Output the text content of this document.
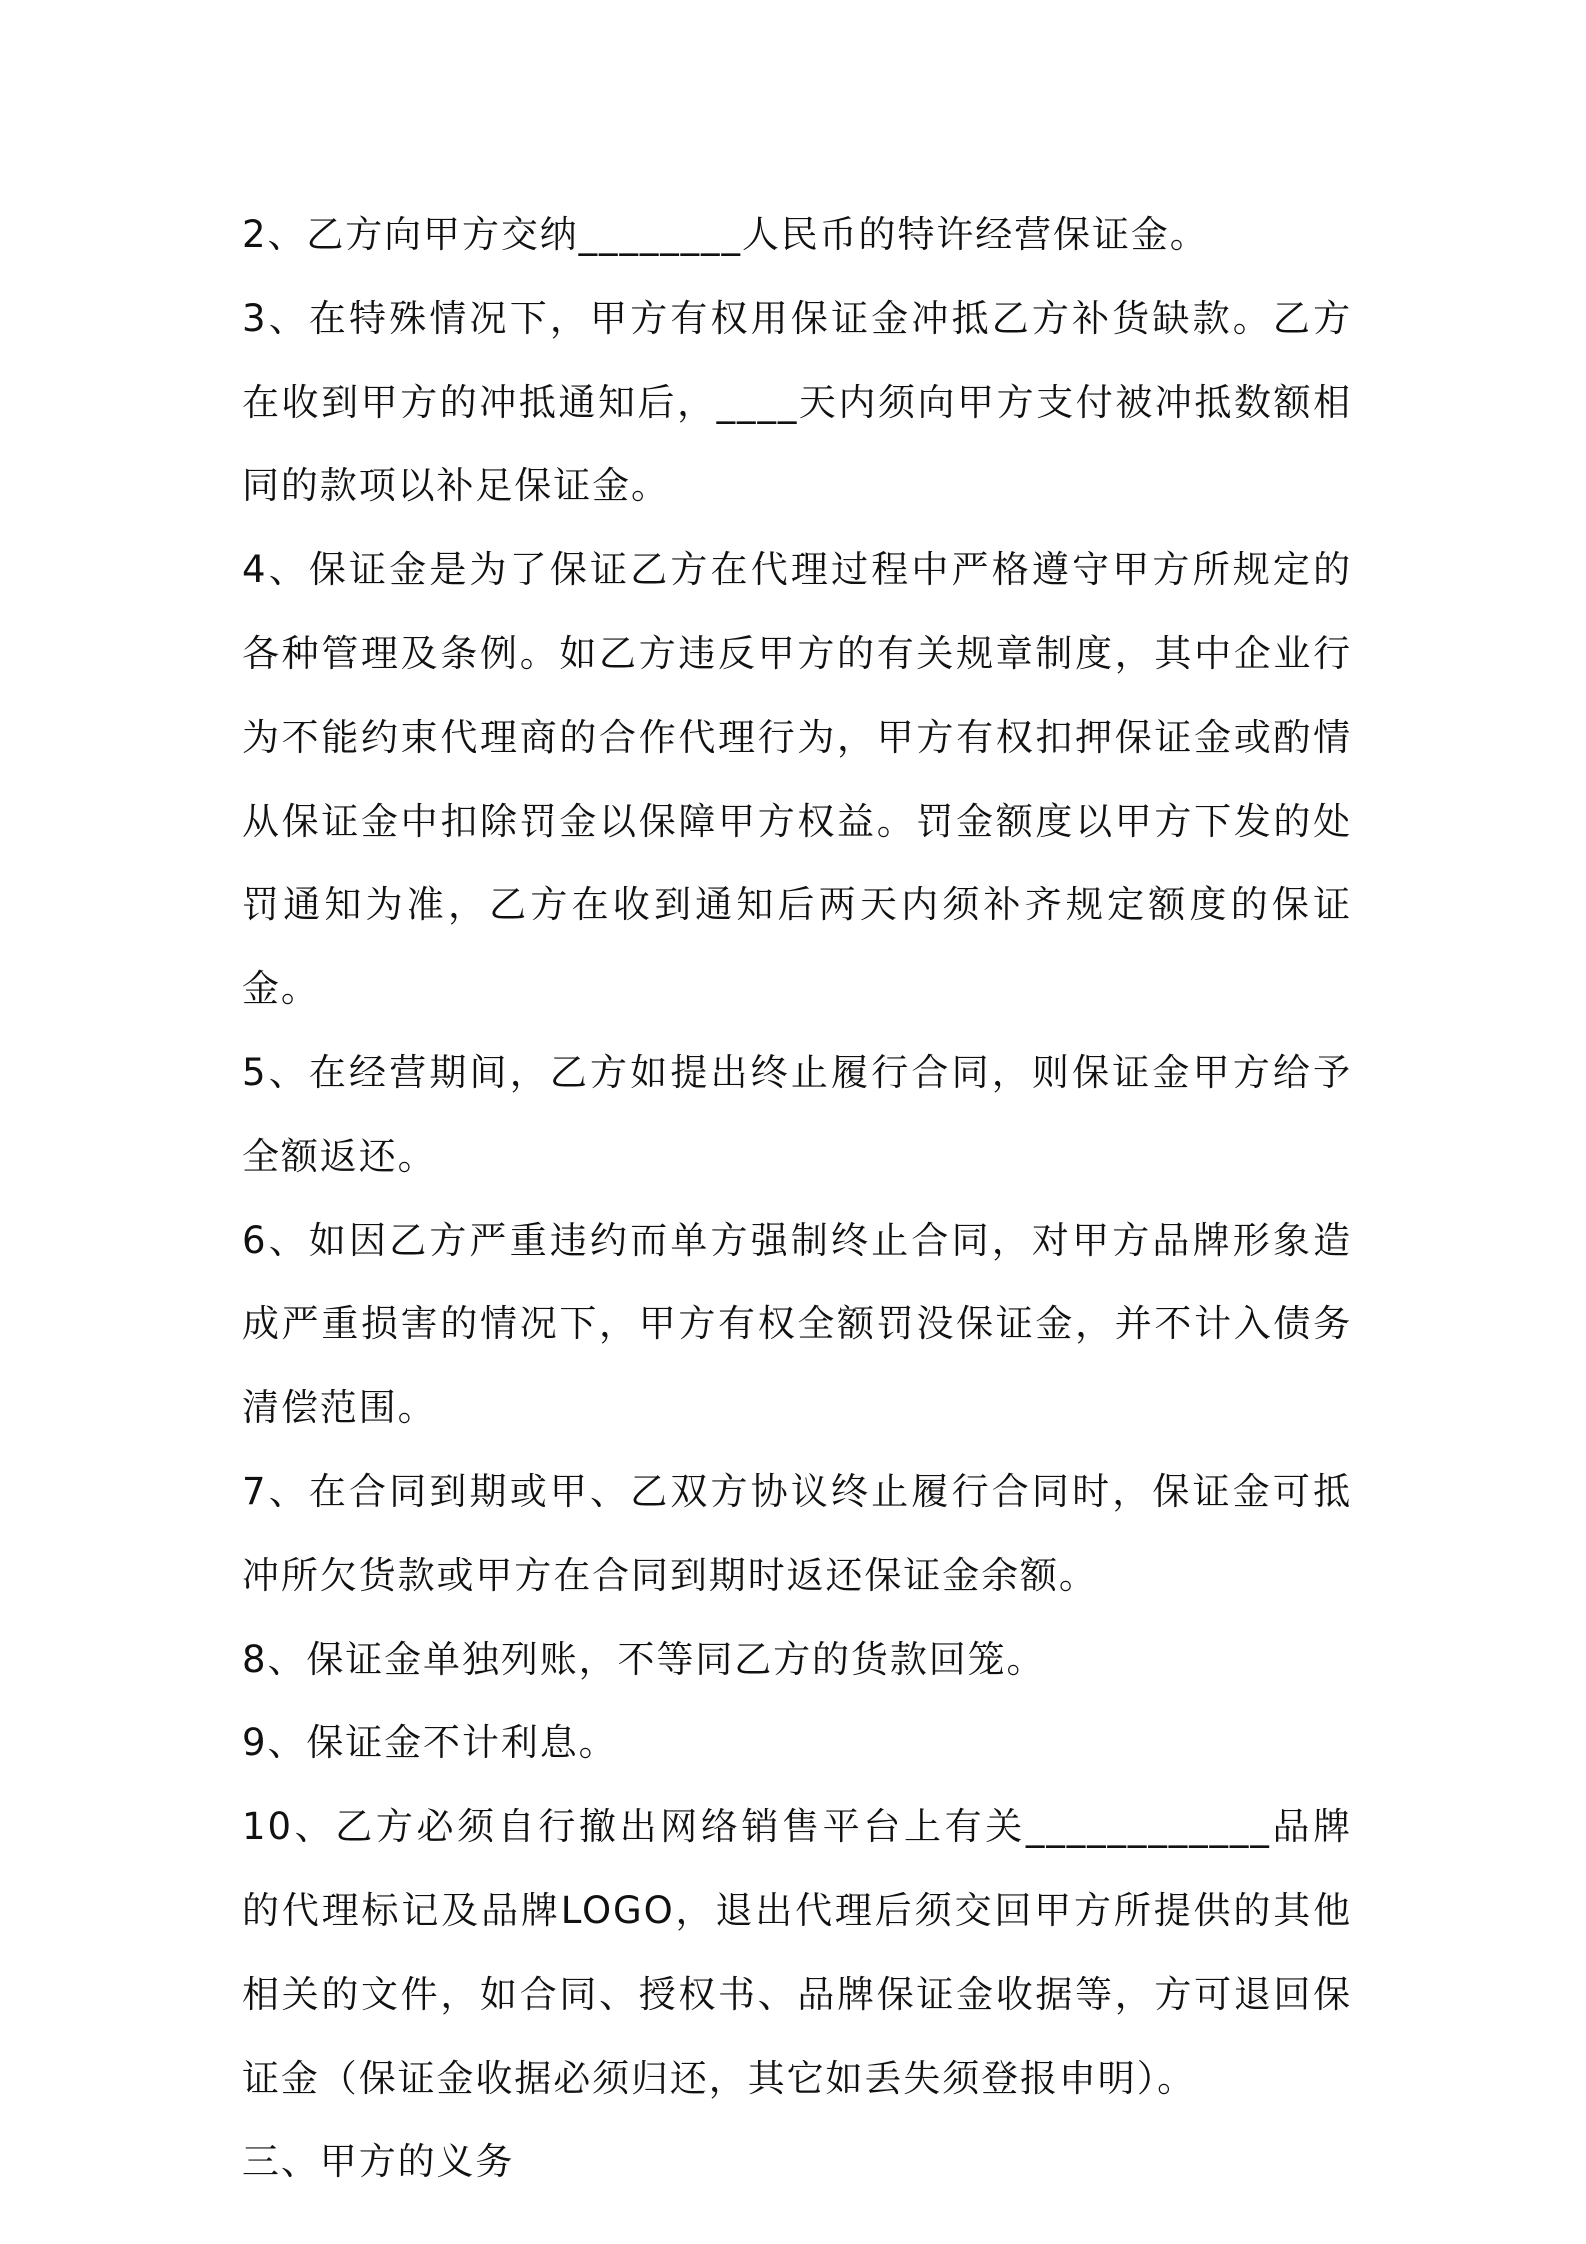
2、乙方向甲方交纳________人民币的特许经营保证金。

3、在特殊情况下，甲方有权用保证金冲抵乙方补货缺款。乙方在收到甲方的冲抵通知后，____天内须向甲方支付被冲抵数额相同的款项以补足保证金。

4、保证金是为了保证乙方在代理过程中严格遵守甲方所规定的各种管理及条例。如乙方违反甲方的有关规章制度，其中企业行为不能约束代理商的合作代理行为，甲方有权扣押保证金或酌情从保证金中扣除罚金以保障甲方权益。罚金额度以甲方下发的处罚通知为准，乙方在收到通知后两天内须补齐规定额度的保证金。

5、在经营期间，乙方如提出终止履行合同，则保证金甲方给予全额返还。

6、如因乙方严重违约而单方强制终止合同，对甲方品牌形象造成严重损害的情况下，甲方有权全额罚没保证金，并不计入债务清偿范围。

7、在合同到期或甲、乙双方协议终止履行合同时，保证金可抵冲所欠货款或甲方在合同到期时返还保证金余额。

8、保证金单独列账，不等同乙方的货款回笼。

9、保证金不计利息。

10、乙方必须自行撤出网络销售平台上有关____________品牌的代理标记及品牌LOGO，退出代理后须交回甲方所提供的其他相关的文件，如合同、授权书、品牌保证金收据等，方可退回保证金（保证金收据必须归还，其它如丢失须登报申明）。

三、甲方的义务
